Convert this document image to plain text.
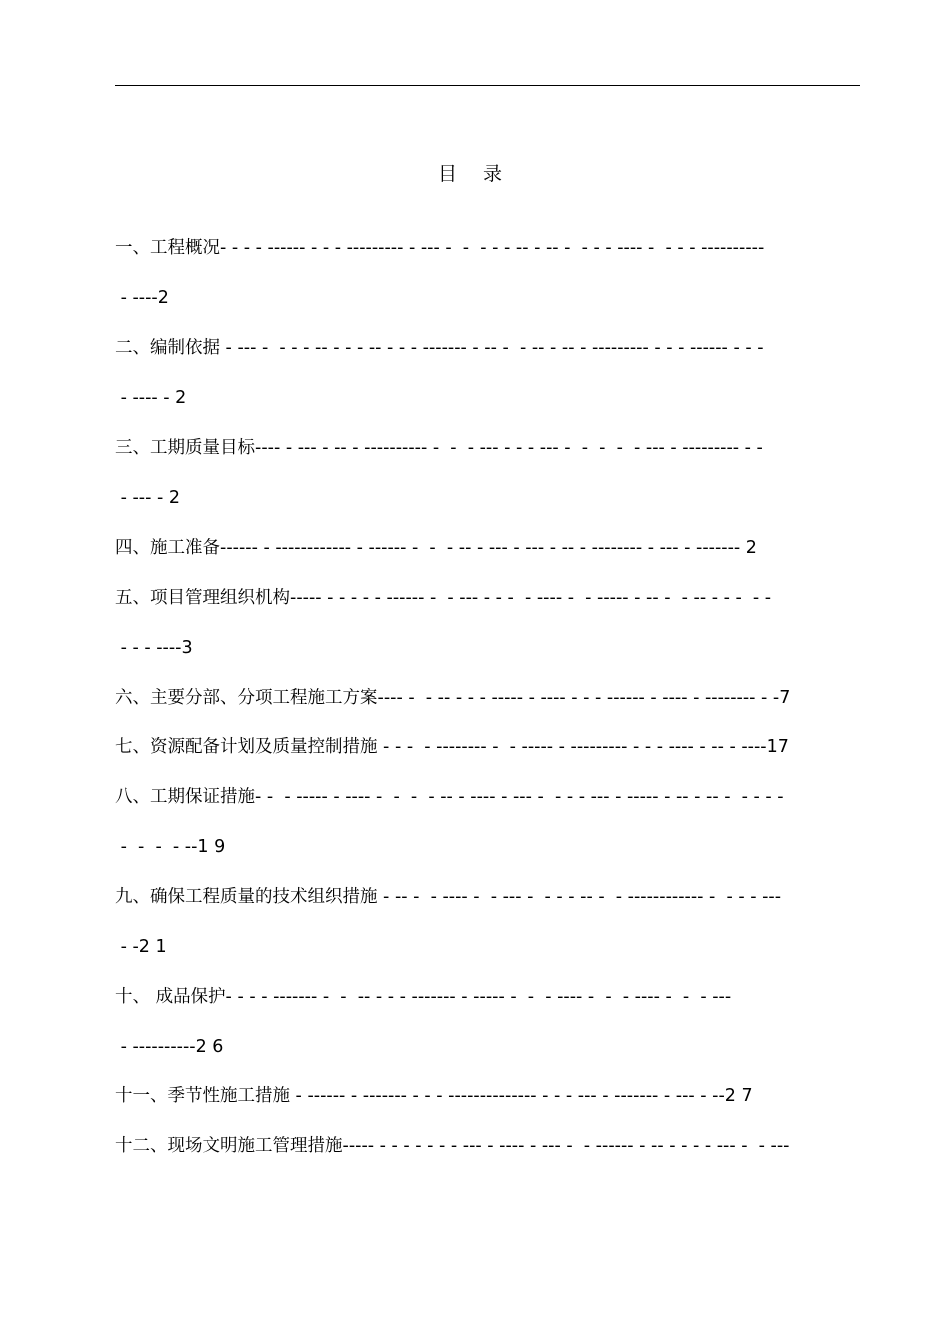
目 录
一、工程概况- - - - ------ - - - --------- - --- -  -  - - - -- - -- -  - - - ---- -  - - - ----------
- ----2
二、编制依据 - --- -  - - - -- - - - -- - - - ------- - -- -  - -- - -- - --------- - - - ------ - - -
- ---- - 2
三、工期质量目标---- - --- - -- - ---------- -  -  - --- - - - --- -  -  -  -  - --- - --------- - -
- --- - 2
四、施工准备------ - ------------ - ------ -  -  - -- - --- - --- - -- - -------- - --- - ------- 2
五、项目管理组织机构----- - - - - - ------ -  - --- - - -  - ---- -  - ----- - -- -  - -- - - -  - -
- - - ----3
六、主要分部、分项工程施工方案---- -  - -- - - - ----- - ---- - - - ------ - ---- - -------- - -7
七、资源配备计划及质量控制措施 - - -  - -------- -  - ----- - --------- - - - ---- - -- - ----17
八、工期保证措施- -  - ----- - ---- -  -  -  - -- - ---- - --- -  - - - --- - ----- - -- - -- -  - - - -
-  -  -  - --1 9
九、确保工程质量的技术组织措施 - -- -  - ---- -  - --- -  - - - -- -  - ------------ -  - - - ---
- -2 1
十、 成品保护- - - - ------- -  -  -- - - - ------- - ----- -  -  - ---- -  -  - ---- -  -  - ---
- ----------2 6
十一、季节性施工措施 - ------ - ------- - - - -------------- - - - --- - ------- - --- - --2 7
十二、现场文明施工管理措施----- - - - - - - - --- - ---- - --- -  - ------ - -- - - - - --- -  - ---
